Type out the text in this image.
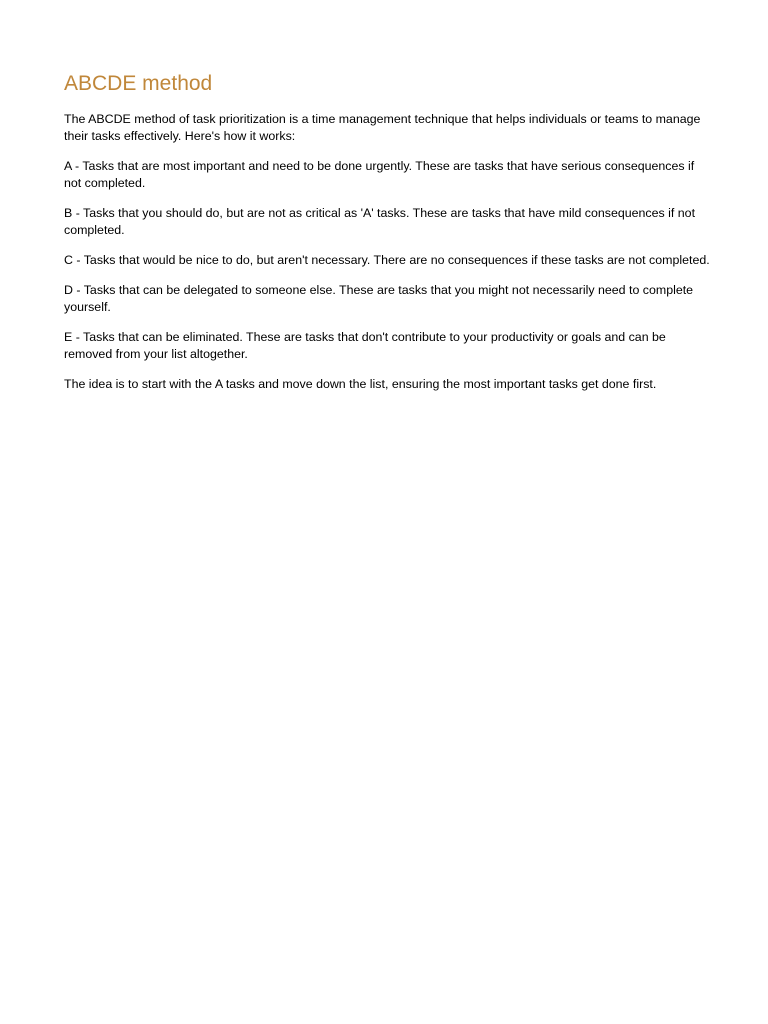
ABCDE method

The ABCDE method of task prioritization is a time management technique that helps individuals or teams to manage their tasks effectively. Here's how it works:

A - Tasks that are most important and need to be done urgently. These are tasks that have serious consequences if not completed.

B - Tasks that you should do, but are not as critical as 'A' tasks. These are tasks that have mild consequences if not completed.

C - Tasks that would be nice to do, but aren't necessary. There are no consequences if these tasks are not completed.

D - Tasks that can be delegated to someone else. These are tasks that you might not necessarily need to complete yourself.

E - Tasks that can be eliminated. These are tasks that don't contribute to your productivity or goals and can be removed from your list altogether.

The idea is to start with the A tasks and move down the list, ensuring the most important tasks get done first.
